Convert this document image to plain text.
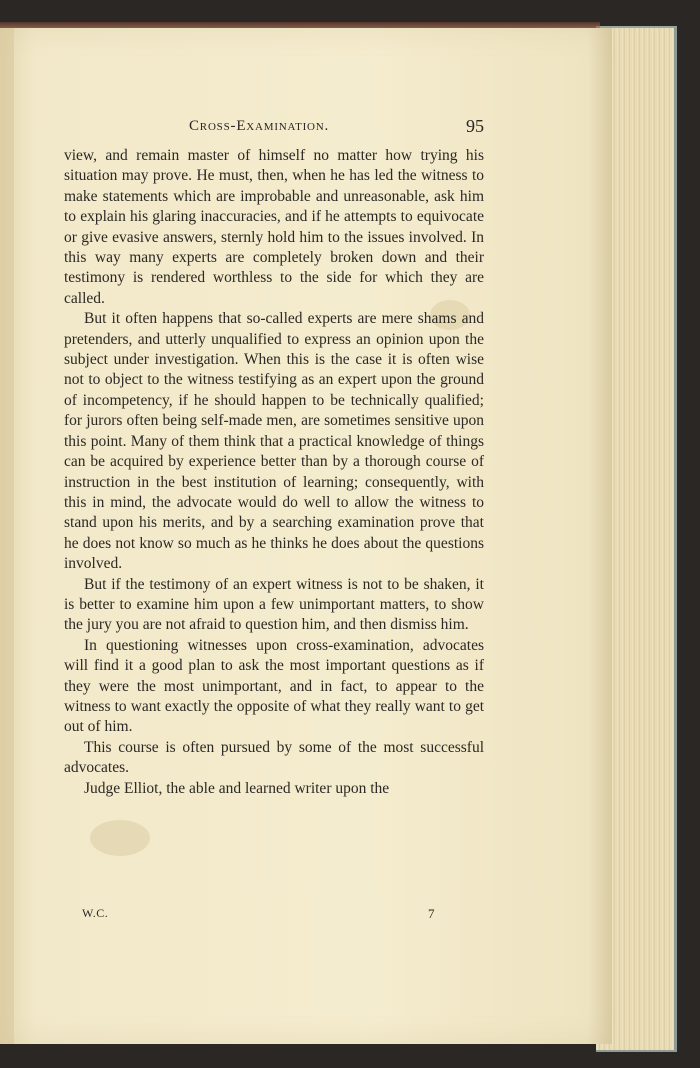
Cross-Examination.	95

view, and remain master of himself no matter how trying his situation may prove. He must, then, when he has led the witness to make statements which are improbable and unreasonable, ask him to explain his glaring inaccuracies, and if he attempts to equivocate or give evasive answers, sternly hold him to the issues involved. In this way many experts are completely broken down and their testimony is rendered worthless to the side for which they are called.

But it often happens that so-called experts are mere shams and pretenders, and utterly unqualified to express an opinion upon the subject under investigation. When this is the case it is often wise not to object to the witness testifying as an expert upon the ground of incompetency, if he should happen to be technically qualified; for jurors often being self-made men, are sometimes sensitive upon this point. Many of them think that a practical knowledge of things can be acquired by experience better than by a thorough course of instruction in the best institution of learning; consequently, with this in mind, the advocate would do well to allow the witness to stand upon his merits, and by a searching examination prove that he does not know so much as he thinks he does about the questions involved.

But if the testimony of an expert witness is not to be shaken, it is better to examine him upon a few unimportant matters, to show the jury you are not afraid to question him, and then dismiss him.

In questioning witnesses upon cross-examination, advocates will find it a good plan to ask the most important questions as if they were the most unimportant, and in fact, to appear to the witness to want exactly the opposite of what they really want to get out of him.

This course is often pursued by some of the most successful advocates.

Judge Elliot, the able and learned writer upon the

W.C.	7
